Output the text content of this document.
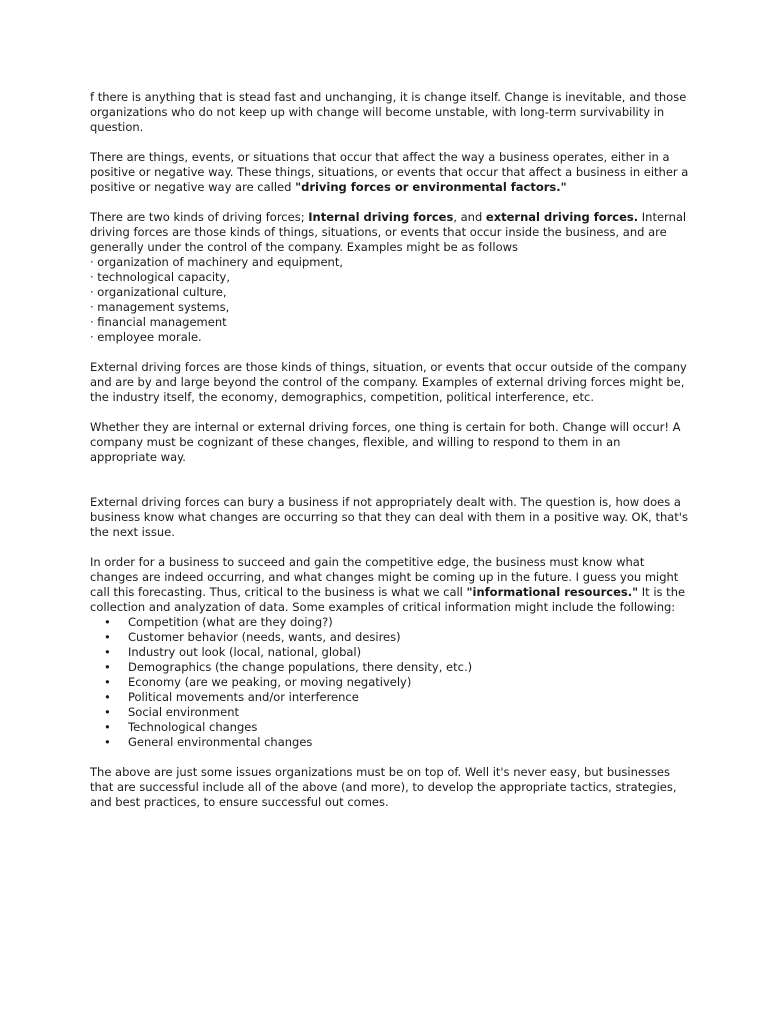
f there is anything that is stead fast and unchanging, it is change itself. Change is inevitable, and those organizations who do not keep up with change will become unstable, with long-term survivability in question.

There are things, events, or situations that occur that affect the way a business operates, either in a positive or negative way. These things, situations, or events that occur that affect a business in either a positive or negative way are called "driving forces or environmental factors."

There are two kinds of driving forces; Internal driving forces, and external driving forces. Internal driving forces are those kinds of things, situations, or events that occur inside the business, and are generally under the control of the company. Examples might be as follows

· organization of machinery and equipment,
· technological capacity,
· organizational culture,
· management systems,
· financial management
· employee morale.

External driving forces are those kinds of things, situation, or events that occur outside of the company and are by and large beyond the control of the company. Examples of external driving forces might be, the industry itself, the economy, demographics, competition, political interference, etc.

Whether they are internal or external driving forces, one thing is certain for both. Change will occur! A company must be cognizant of these changes, flexible, and willing to respond to them in an appropriate way.

External driving forces can bury a business if not appropriately dealt with. The question is, how does a business know what changes are occurring so that they can deal with them in a positive way. OK, that's the next issue.

In order for a business to succeed and gain the competitive edge, the business must know what changes are indeed occurring, and what changes might be coming up in the future. I guess you might call this forecasting. Thus, critical to the business is what we call "informational resources." It is the collection and analyzation of data. Some examples of critical information might include the following:

• Competition (what are they doing?)
• Customer behavior (needs, wants, and desires)
• Industry out look (local, national, global)
• Demographics (the change populations, there density, etc.)
• Economy (are we peaking, or moving negatively)
• Political movements and/or interference
• Social environment
• Technological changes
• General environmental changes

The above are just some issues organizations must be on top of. Well it's never easy, but businesses that are successful include all of the above (and more), to develop the appropriate tactics, strategies, and best practices, to ensure successful out comes.
